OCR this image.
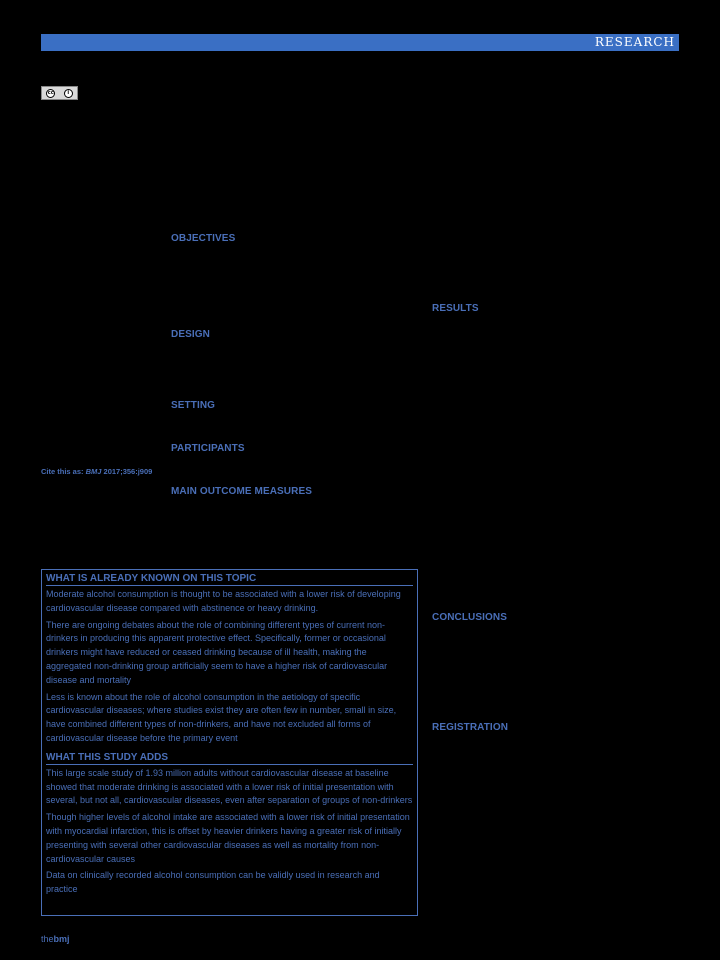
RESEARCH
cc	i
OBJECTIVES
DESIGN
SETTING
PARTICIPANTS
MAIN OUTCOME MEASURES
RESULTS
CONCLUSIONS
REGISTRATION
Cite this as: BMJ 2017;356:j909
WHAT IS ALREADY KNOWN ON THIS TOPIC

Moderate alcohol consumption is thought to be associated with a lower risk of developing cardiovascular disease compared with abstinence or heavy drinking.

There are ongoing debates about the role of combining different types of current non-drinkers in producing this apparent protective effect. Specifically, former or occasional drinkers might have reduced or ceased drinking because of ill health, making the aggregated non-drinking group artificially seem to have a higher risk of cardiovascular disease and mortality

Less is known about the role of alcohol consumption in the aetiology of specific cardiovascular diseases; where studies exist they are often few in number, small in size, have combined different types of non-drinkers, and have not excluded all forms of cardiovascular disease before the primary event

WHAT THIS STUDY ADDS

This large scale study of 1.93 million adults without cardiovascular disease at baseline showed that moderate drinking is associated with a lower risk of initial presentation with several, but not all, cardiovascular diseases, even after separation of groups of non-drinkers

Though higher levels of alcohol intake are associated with a lower risk of initial presentation with myocardial infarction, this is offset by heavier drinkers having a greater risk of initially presenting with several other cardiovascular diseases as well as mortality from non-cardiovascular causes

Data on clinically recorded alcohol consumption can be validly used in research and practice

thebmj
